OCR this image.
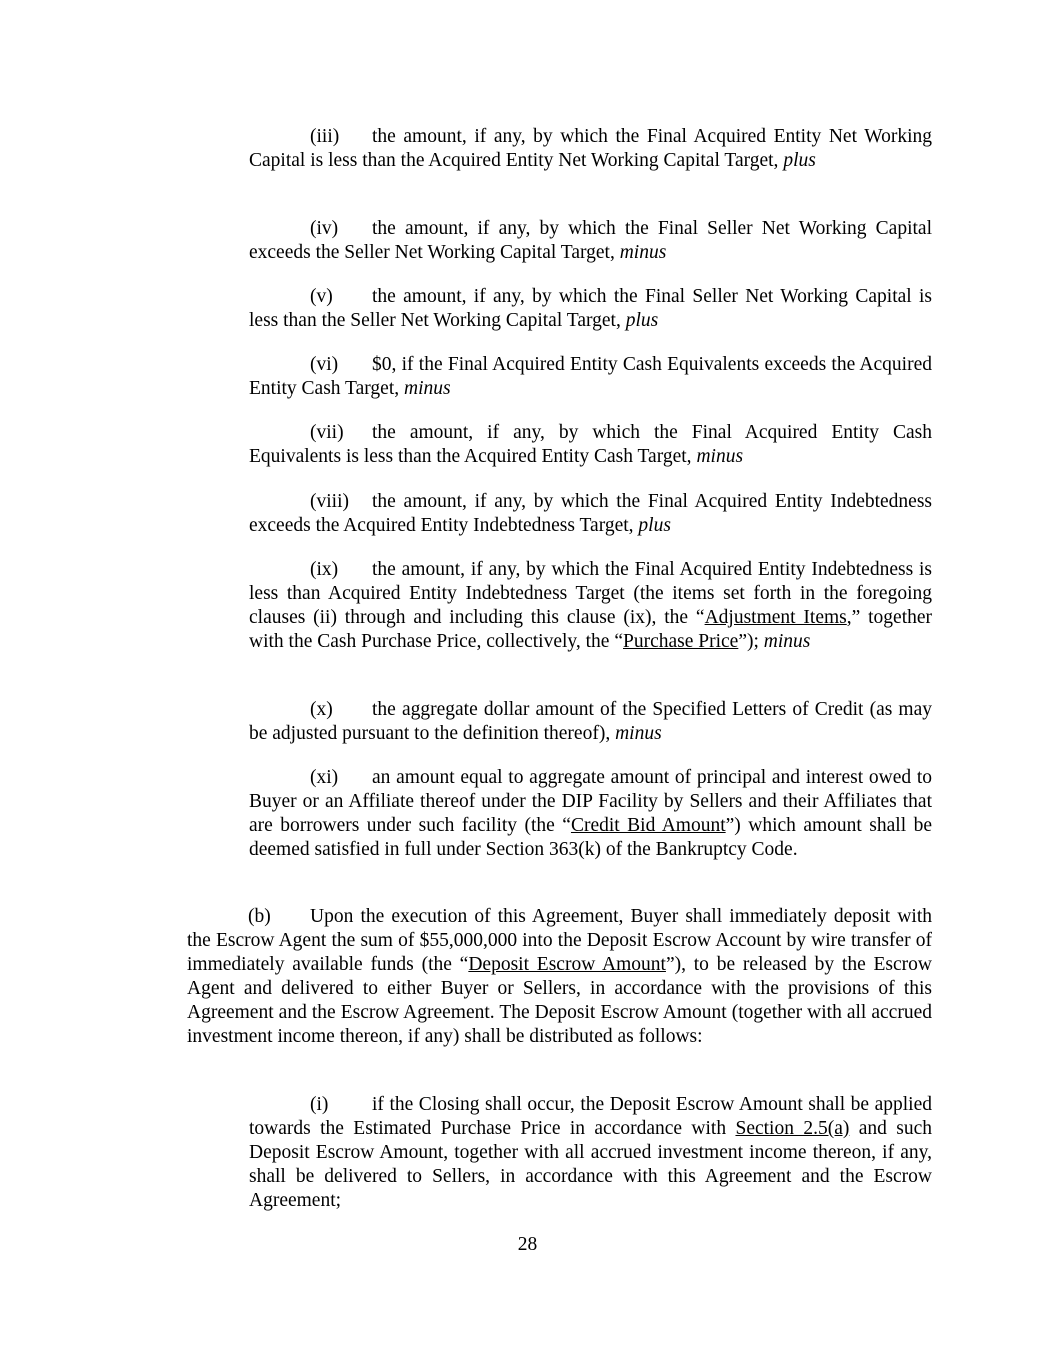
(iii) the amount, if any, by which the Final Acquired Entity Net Working Capital is less than the Acquired Entity Net Working Capital Target, plus

(iv) the amount, if any, by which the Final Seller Net Working Capital exceeds the Seller Net Working Capital Target, minus

(v) the amount, if any, by which the Final Seller Net Working Capital is less than the Seller Net Working Capital Target, plus

(vi) $0, if the Final Acquired Entity Cash Equivalents exceeds the Acquired Entity Cash Target, minus

(vii) the amount, if any, by which the Final Acquired Entity Cash Equivalents is less than the Acquired Entity Cash Target, minus

(viii) the amount, if any, by which the Final Acquired Entity Indebtedness exceeds the Acquired Entity Indebtedness Target, plus

(ix) the amount, if any, by which the Final Acquired Entity Indebtedness is less than Acquired Entity Indebtedness Target (the items set forth in the foregoing clauses (ii) through and including this clause (ix), the “Adjustment Items,” together with the Cash Purchase Price, collectively, the “Purchase Price”); minus

(x) the aggregate dollar amount of the Specified Letters of Credit (as may be adjusted pursuant to the definition thereof), minus

(xi) an amount equal to aggregate amount of principal and interest owed to Buyer or an Affiliate thereof under the DIP Facility by Sellers and their Affiliates that are borrowers under such facility (the “Credit Bid Amount”) which amount shall be deemed satisfied in full under Section 363(k) of the Bankruptcy Code.

(b) Upon the execution of this Agreement, Buyer shall immediately deposit with the Escrow Agent the sum of $55,000,000 into the Deposit Escrow Account by wire transfer of immediately available funds (the “Deposit Escrow Amount”), to be released by the Escrow Agent and delivered to either Buyer or Sellers, in accordance with the provisions of this Agreement and the Escrow Agreement. The Deposit Escrow Amount (together with all accrued investment income thereon, if any) shall be distributed as follows:

(i) if the Closing shall occur, the Deposit Escrow Amount shall be applied towards the Estimated Purchase Price in accordance with Section 2.5(a) and such Deposit Escrow Amount, together with all accrued investment income thereon, if any, shall be delivered to Sellers, in accordance with this Agreement and the Escrow Agreement;

28
